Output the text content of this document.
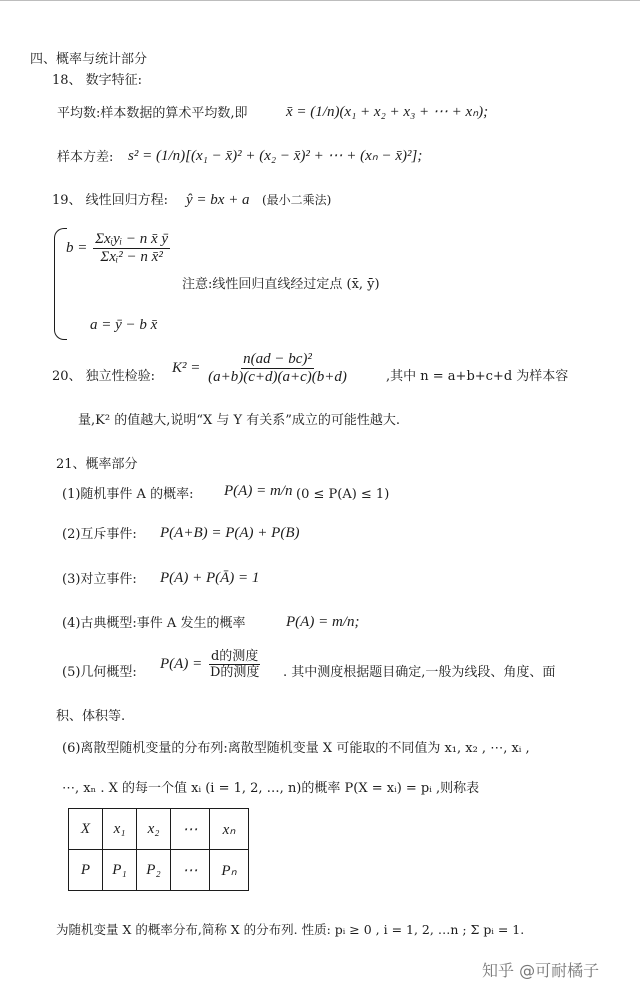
四、概率与统计部分
18、 数字特征:
平均数:样本数据的算术平均数,即	x̄ = (1/n)(x₁ + x₂ + x₃ + ⋯ + xₙ);
样本方差: s² = (1/n)[(x₁ − x̄)² + (x₂ − x̄)² + ⋯ + (xₙ − x̄)²];
19、 线性回归方程: ŷ = bx + a (最小二乘法)
$b = \frac{\text{Σxᵢyᵢ − n x̄ ȳ}}{\text{Σxᵢ² − n x̄²}}$
注意:线性回归直线经过定点 (x̄, ȳ)
a = ȳ − b x̄
20、 独立性检验:
$K^2 = \frac{\text{n(ad − bc)²}}{(a+b)(c+d)(a+c)(b+d)}$	,其中 n = a+b+c+d 为样本容
量,K² 的值越大,说明“X 与 Y 有关系”成立的可能性越大.
21、概率部分
(1)随机事件 A 的概率: P(A) = m/n (0 ≤ P(A) ≤ 1)
(2)互斥事件: P(A+B) = P(A) + P(B)
(3)对立事件: P(A) + P(Ā) = 1
(4)古典概型:事件 A 发生的概率	P(A) = m/n;
(5)几何概型:
$P(A) = \frac{\text{d的测度}}{\text{D的测度}}$ . 其中测度根据题目确定,一般为线段、角度、面
积、体积等.
(6)离散型随机变量的分布列:离散型随机变量 X 可能取的不同值为 x₁, x₂ , ⋯, xᵢ ,
⋯, xₙ . X 的每一个值 xᵢ (i = 1, 2, …, n)的概率 P(X = xᵢ) = pᵢ ,则称表
X	x₁	x₂	⋯	xₙ
P	P₁	P₂	⋯	Pₙ
为随机变量 X 的概率分布,简称 X 的分布列. 性质: pᵢ ≥ 0 , i = 1, 2, …n ; Σ pᵢ = 1.
知乎 @可耐橘子
